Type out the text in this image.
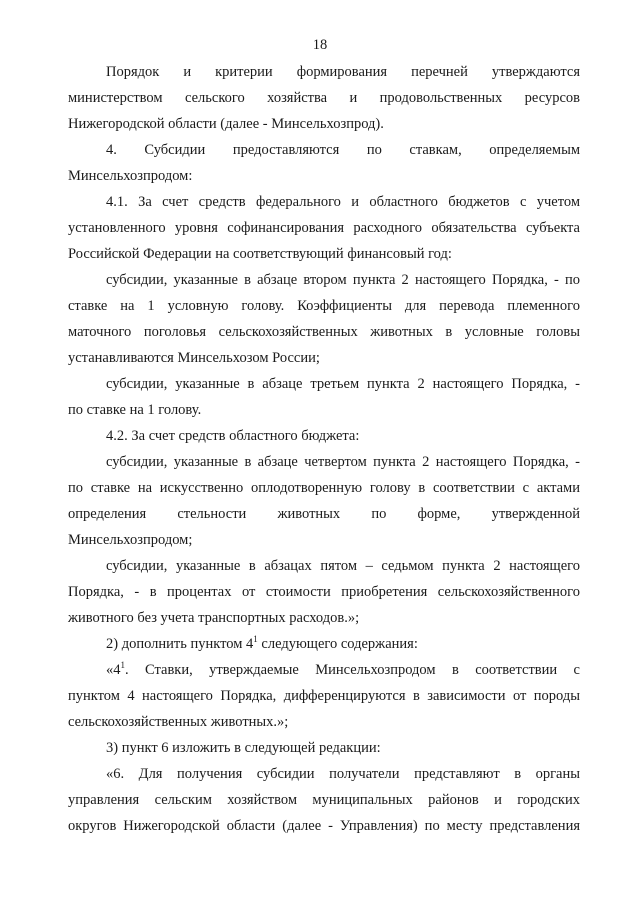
18
Порядок и критерии формирования перечней утверждаются
министерством сельского хозяйства и продовольственных ресурсов
Нижегородской области (далее - Минсельхозпрод).
4. Субсидии предоставляются по ставкам, определяемым
Минсельхозпродом:
4.1. За счет средств федерального и областного бюджетов с учетом
установленного уровня софинансирования расходного обязательства субъекта
Российской Федерации на соответствующий финансовый год:
субсидии, указанные в абзаце втором пункта 2 настоящего Порядка, - по
ставке на 1 условную голову. Коэффициенты для перевода племенного
маточного поголовья сельскохозяйственных животных в условные головы
устанавливаются Минсельхозом России;
субсидии, указанные в абзаце третьем пункта 2 настоящего Порядка, -
по ставке на 1 голову.
4.2. За счет средств областного бюджета:
субсидии, указанные в абзаце четвертом пункта 2 настоящего Порядка, -
по ставке на искусственно оплодотворенную голову в соответствии с актами
определения стельности животных по форме, утвержденной
Минсельхозпродом;
субсидии, указанные в абзацах пятом – седьмом пункта 2 настоящего
Порядка, - в процентах от стоимости приобретения сельскохозяйственного
животного без учета транспортных расходов.»;
2) дополнить пунктом $4^1$ следующего содержания:
«$4^1$. Ставки, утверждаемые Минсельхозпродом в соответствии с
пунктом 4 настоящего Порядка, дифференцируются в зависимости от породы
сельскохозяйственных животных.»;
3) пункт 6 изложить в следующей редакции:
«6. Для получения субсидии получатели представляют в органы
управления сельским хозяйством муниципальных районов и городских
округов Нижегородской области (далее - Управления) по месту представления
